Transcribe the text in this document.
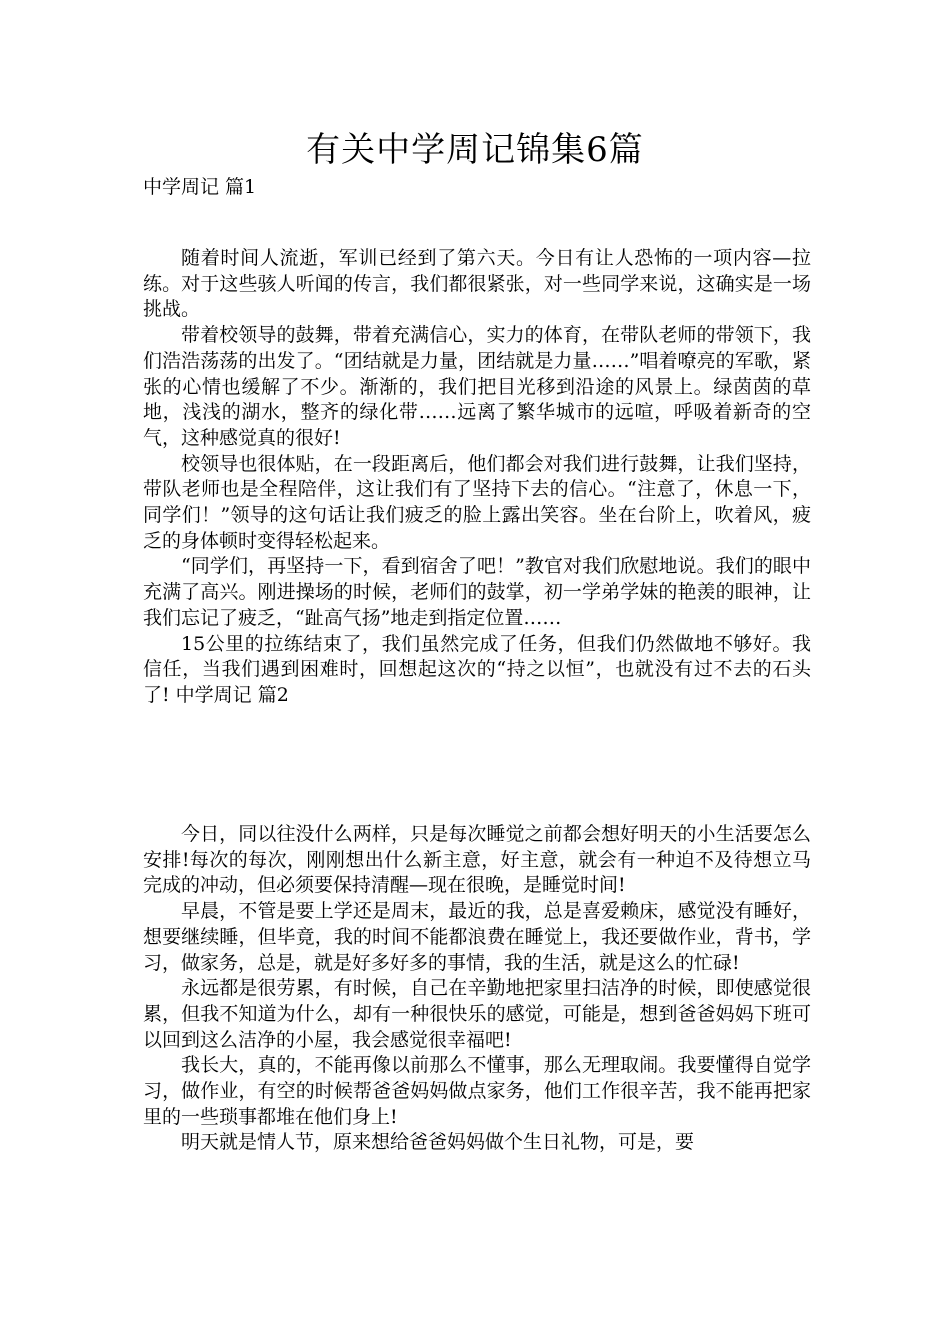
有关中学周记锦集6篇
中学周记 篇1

随着时间人流逝，军训已经到了第六天。今日有让人恐怖的一项内容—拉练。对于这些骇人听闻的传言，我们都很紧张，对一些同学来说，这确实是一场挑战。

带着校领导的鼓舞，带着充满信心，实力的体育，在带队老师的带领下，我们浩浩荡荡的出发了。“团结就是力量，团结就是力量……”唱着嘹亮的军歌，紧张的心情也缓解了不少。渐渐的，我们把目光移到沿途的风景上。绿茵茵的草地，浅浅的湖水，整齐的绿化带……远离了繁华城市的远喧，呼吸着新奇的空气，这种感觉真的很好!

校领导也很体贴，在一段距离后，他们都会对我们进行鼓舞，让我们坚持，带队老师也是全程陪伴，这让我们有了坚持下去的信心。“注意了，休息一下，同学们！”领导的这句话让我们疲乏的脸上露出笑容。坐在台阶上，吹着风，疲乏的身体顿时变得轻松起来。

“同学们，再坚持一下，看到宿舍了吧！”教官对我们欣慰地说。我们的眼中充满了高兴。刚进操场的时候，老师们的鼓掌，初一学弟学妹的艳羡的眼神，让我们忘记了疲乏，“趾高气扬”地走到指定位置……

15公里的拉练结束了，我们虽然完成了任务，但我们仍然做地不够好。我信任，当我们遇到困难时，回想起这次的“持之以恒”，也就没有过不去的石头了! 中学周记 篇2

今日，同以往没什么两样，只是每次睡觉之前都会想好明天的小生活要怎么安排!每次的每次，刚刚想出什么新主意，好主意，就会有一种迫不及待想立马完成的冲动，但必须要保持清醒—现在很晚，是睡觉时间!

早晨，不管是要上学还是周末，最近的我，总是喜爱赖床，感觉没有睡好，想要继续睡，但毕竟，我的时间不能都浪费在睡觉上，我还要做作业，背书，学习，做家务，总是，就是好多好多的事情，我的生活，就是这么的忙碌!

永远都是很劳累，有时候，自己在辛勤地把家里扫洁净的时候，即使感觉很累，但我不知道为什么，却有一种很快乐的感觉，可能是，想到爸爸妈妈下班可以回到这么洁净的小屋，我会感觉很幸福吧!

我长大，真的，不能再像以前那么不懂事，那么无理取闹。我要懂得自觉学习，做作业，有空的时候帮爸爸妈妈做点家务，他们工作很辛苦，我不能再把家里的一些琐事都堆在他们身上!

明天就是情人节，原来想给爸爸妈妈做个生日礼物，可是，要
